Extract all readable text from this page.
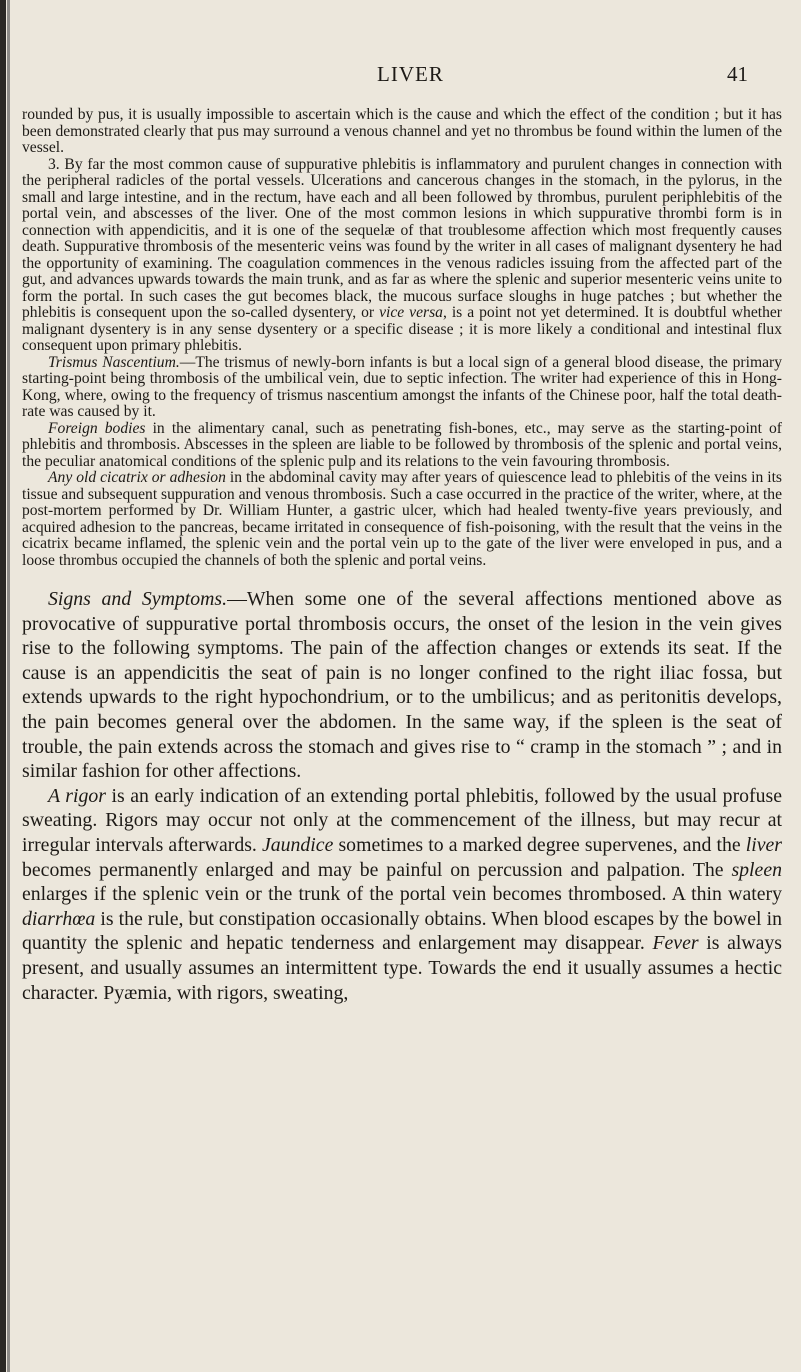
LIVER	41

rounded by pus, it is usually impossible to ascertain which is the cause and which the effect of the condition ; but it has been demonstrated clearly that pus may surround a venous channel and yet no thrombus be found within the lumen of the vessel.

3. By far the most common cause of suppurative phlebitis is inflammatory and purulent changes in connection with the peripheral radicles of the portal vessels. Ulcerations and cancerous changes in the stomach, in the pylorus, in the small and large intestine, and in the rectum, have each and all been followed by thrombus, purulent periphlebitis of the portal vein, and abscesses of the liver. One of the most common lesions in which suppurative thrombi form is in connection with appendicitis, and it is one of the sequelæ of that troublesome affection which most frequently causes death. Suppurative thrombosis of the mesenteric veins was found by the writer in all cases of malignant dysentery he had the opportunity of examining. The coagulation commences in the venous radicles issuing from the affected part of the gut, and advances upwards towards the main trunk, and as far as where the splenic and superior mesenteric veins unite to form the portal. In such cases the gut becomes black, the mucous surface sloughs in huge patches ; but whether the phlebitis is consequent upon the so-called dysentery, or vice versa, is a point not yet determined. It is doubtful whether malignant dysentery is in any sense dysentery or a specific disease ; it is more likely a conditional and intestinal flux consequent upon primary phlebitis.

Trismus Nascentium.—The trismus of newly-born infants is but a local sign of a general blood disease, the primary starting-point being thrombosis of the umbilical vein, due to septic infection. The writer had experience of this in Hong-Kong, where, owing to the frequency of trismus nascentium amongst the infants of the Chinese poor, half the total death-rate was caused by it.

Foreign bodies in the alimentary canal, such as penetrating fish-bones, etc., may serve as the starting-point of phlebitis and thrombosis. Abscesses in the spleen are liable to be followed by thrombosis of the splenic and portal veins, the peculiar anatomical conditions of the splenic pulp and its relations to the vein favouring thrombosis.

Any old cicatrix or adhesion in the abdominal cavity may after years of quiescence lead to phlebitis of the veins in its tissue and subsequent suppuration and venous thrombosis. Such a case occurred in the practice of the writer, where, at the post-mortem performed by Dr. William Hunter, a gastric ulcer, which had healed twenty-five years previously, and acquired adhesion to the pancreas, became irritated in consequence of fish-poisoning, with the result that the veins in the cicatrix became inflamed, the splenic vein and the portal vein up to the gate of the liver were enveloped in pus, and a loose thrombus occupied the channels of both the splenic and portal veins.

Signs and Symptoms.—When some one of the several affections mentioned above as provocative of suppurative portal thrombosis occurs, the onset of the lesion in the vein gives rise to the following symptoms. The pain of the affection changes or extends its seat. If the cause is an appendicitis the seat of pain is no longer confined to the right iliac fossa, but extends upwards to the right hypochondrium, or to the umbilicus; and as peritonitis develops, the pain becomes general over the abdomen. In the same way, if the spleen is the seat of trouble, the pain extends across the stomach and gives rise to “ cramp in the stomach ” ; and in similar fashion for other affections.

A rigor is an early indication of an extending portal phlebitis, followed by the usual profuse sweating. Rigors may occur not only at the commencement of the illness, but may recur at irregular intervals afterwards. Jaundice sometimes to a marked degree supervenes, and the liver becomes permanently enlarged and may be painful on percussion and palpation. The spleen enlarges if the splenic vein or the trunk of the portal vein becomes thrombosed. A thin watery diarrhœa is the rule, but constipation occasionally obtains. When blood escapes by the bowel in quantity the splenic and hepatic tenderness and enlargement may disappear. Fever is always present, and usually assumes an intermittent type. Towards the end it usually assumes a hectic character. Pyæmia, with rigors, sweating,
